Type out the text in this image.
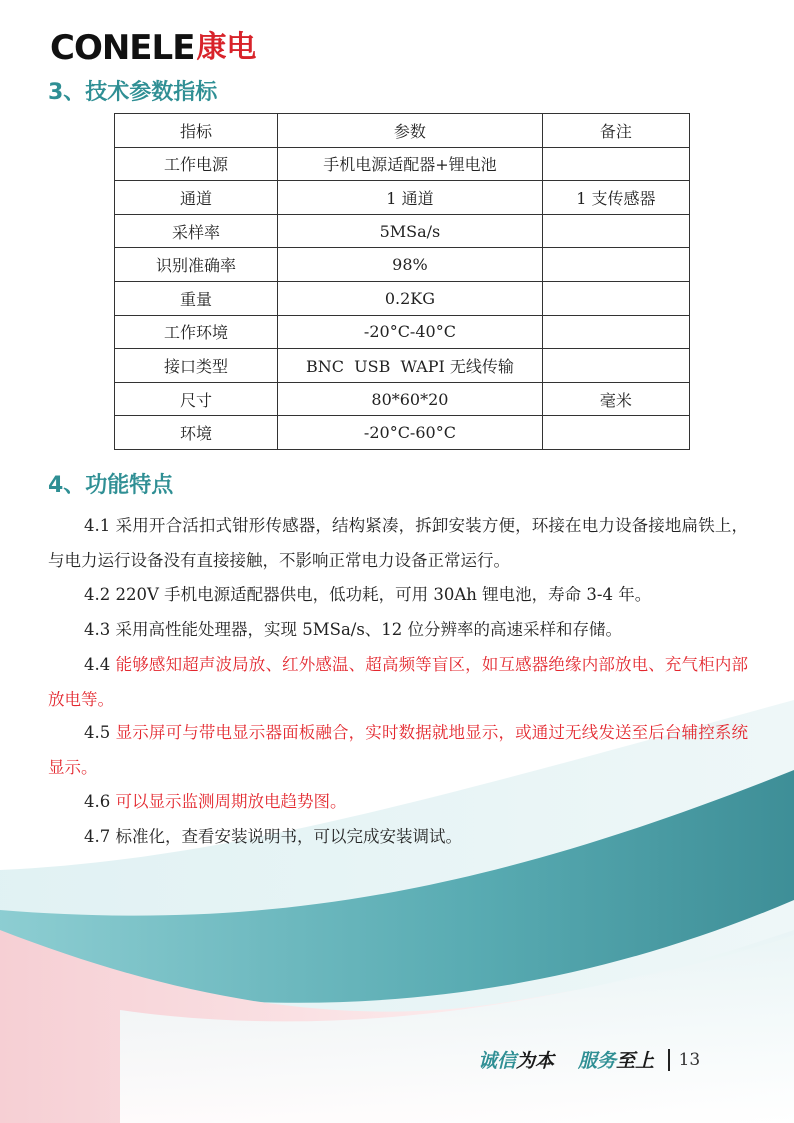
CONELE 康电
3、技术参数指标
指标	参数	备注
工作电源	手机电源适配器+锂电池	
通道	1 通道	1 支传感器
采样率	5MSa/s	
识别准确率	98%	
重量	0.2KG	
工作环境	-20°C-40°C	
接口类型	BNC  USB  WAPI 无线传输	
尺寸	80*60*20	毫米
环境	-20°C-60°C	
4、功能特点

4.1 采用开合活扣式钳形传感器，结构紧凑，拆卸安装方便，环接在电力设备接地扁铁上，与电力运行设备没有直接接触，不影响正常电力设备正常运行。

4.2 220V 手机电源适配器供电，低功耗，可用 30Ah 锂电池，寿命 3-4 年。

4.3 采用高性能处理器，实现 5MSa/s、12 位分辨率的高速采样和存储。

4.4 能够感知超声波局放、红外感温、超高频等盲区，如互感器绝缘内部放电、充气柜内部放电等。

4.5 显示屏可与带电显示器面板融合，实时数据就地显示，或通过无线发送至后台辅控系统显示。

4.6 可以显示监测周期放电趋势图。

4.7 标准化，查看安装说明书，可以完成安装调试。

诚信 为本 服务 至上 13
